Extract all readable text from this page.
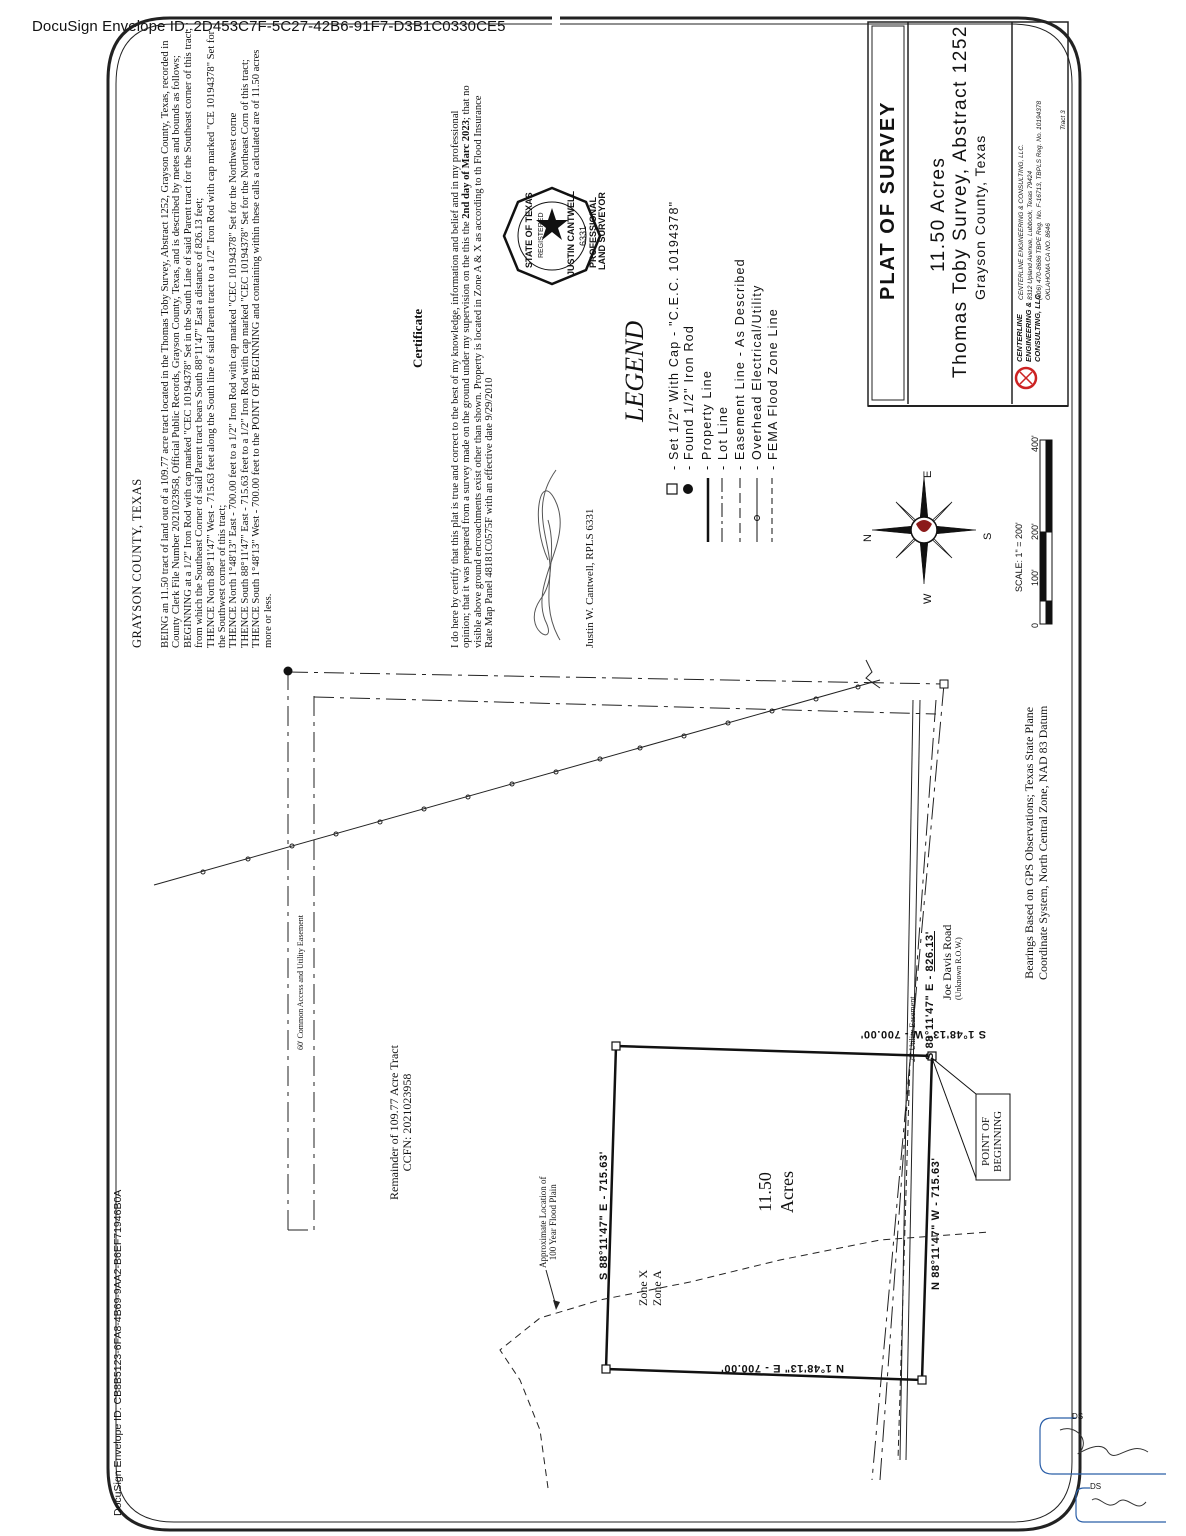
DocuSign Envelope ID: 2D453C7F-5C27-42B6-91F7-D3B1C0330CE5
DocuSign Envelope ID: CB8B5123-6FA8-4B69-9AA2-B6EF71946B0A
GRAYSON COUNTY, TEXAS BEING an 11.50 tract of land out of a 109.77 acre tract located in the Thomas Toby Survey, Abstract 1252, Grayson County, Texas, recorded in County Clerk File Number 2021023958, Official Public Records, Grayson County, Texas, and is described by metes and bounds as follows; BEGINNING at a 1/2" Iron Rod with cap marked "CEC 10194378" Set in the South Line of said Parent tract for the Southeast corner of this tract, from which the Southeast Corner of said Parent tract bears South 88°11'47" East a distance of 826.13 feet; THENCE North 88°11'47" West - 715.63 feet along the South line of said Parent tract to a 1/2" Iron Rod with cap marked "CE 10194378" Set for the Southwest corner of this tract; THENCE North 1°48'13" East - 700.00 feet to a 1/2" Iron Rod with cap marked "CEC 10194378" Set for the Northwest corne THENCE South 88°11'47" East - 715.63 feet to a 1/2" Iron Rod with cap marked "CEC 10194378" Set for the Northeast Corn of this tract; THENCE South 1°48'13" West - 700.00 feet to the POINT OF BEGINNING and containing within these calls a calculated are of 11.50 acres more or less.

Certificate I do here by certify that this plat is true and correct to the best of my knowledge, information and belief and in my professional opinion; that it was prepared from a survey made on the ground under my supervision on the this the 2nd day of Marc 2023; that no visible above ground encroachments exist other than shown. Property is located in Zone A & X as according to th Flood Insurance Rate Map Panel 48181C0575F with an effective date 9/29/2010	Justin W. Cantwell, RPLS 6331
STATE OF TEXAS REGISTERED JUSTIN CANTWELL 6331 PROFESSIONAL LAND SURVEYOR
LEGEND - Set 1/2" With Cap - "C.E.C. 10194378" - Found 1/2" Iron Rod - Property Line - Lot Line - Easement Line - As Described - Overhead Electrical/Utility - FEMA Flood Zone Line
PLAT OF SURVEY 11.50 Acres Thomas Toby Survey, Abstract 1252 Grayson County, Texas
CENTERLINE ENGINEERING & CONSULTING, LLC
CENTERLINE ENGINEERING & CONSULTING, LLC. 8312 Upland Avenue, Lubbock, Texas 79424 (806) 470-8686 TBPE Reg. No. F-16713, TBPLS Reg. No. 10194378 OKLAHOMA CA NO. 8646
Tract 3
N
E
S
W
SCALE: 1" = 200'
0
100'
200'
400'
11.50 Acres
S 88°11'47" E - 715.63'	N 88°11'47" W - 715.63'
S 1°48'13" W - 700.00'
N 1°48'13" E - 700.00'
S 88°11'47" E - 826.13' Joe Davis Road (Unknown R.O.W.)
25' Utility Easement
60' Common Access and Utility Easement
Remainder of 109.77 Acre Tract CCFN: 2021023958
Approximate Location of 100 Year Flood Plain
Zone X Zone A
POINT OF BEGINNING
Bearings Based on GPS Observations; Texas State Plane Coordinate System, North Central Zone, NAD 83 Datum
DS
DS
